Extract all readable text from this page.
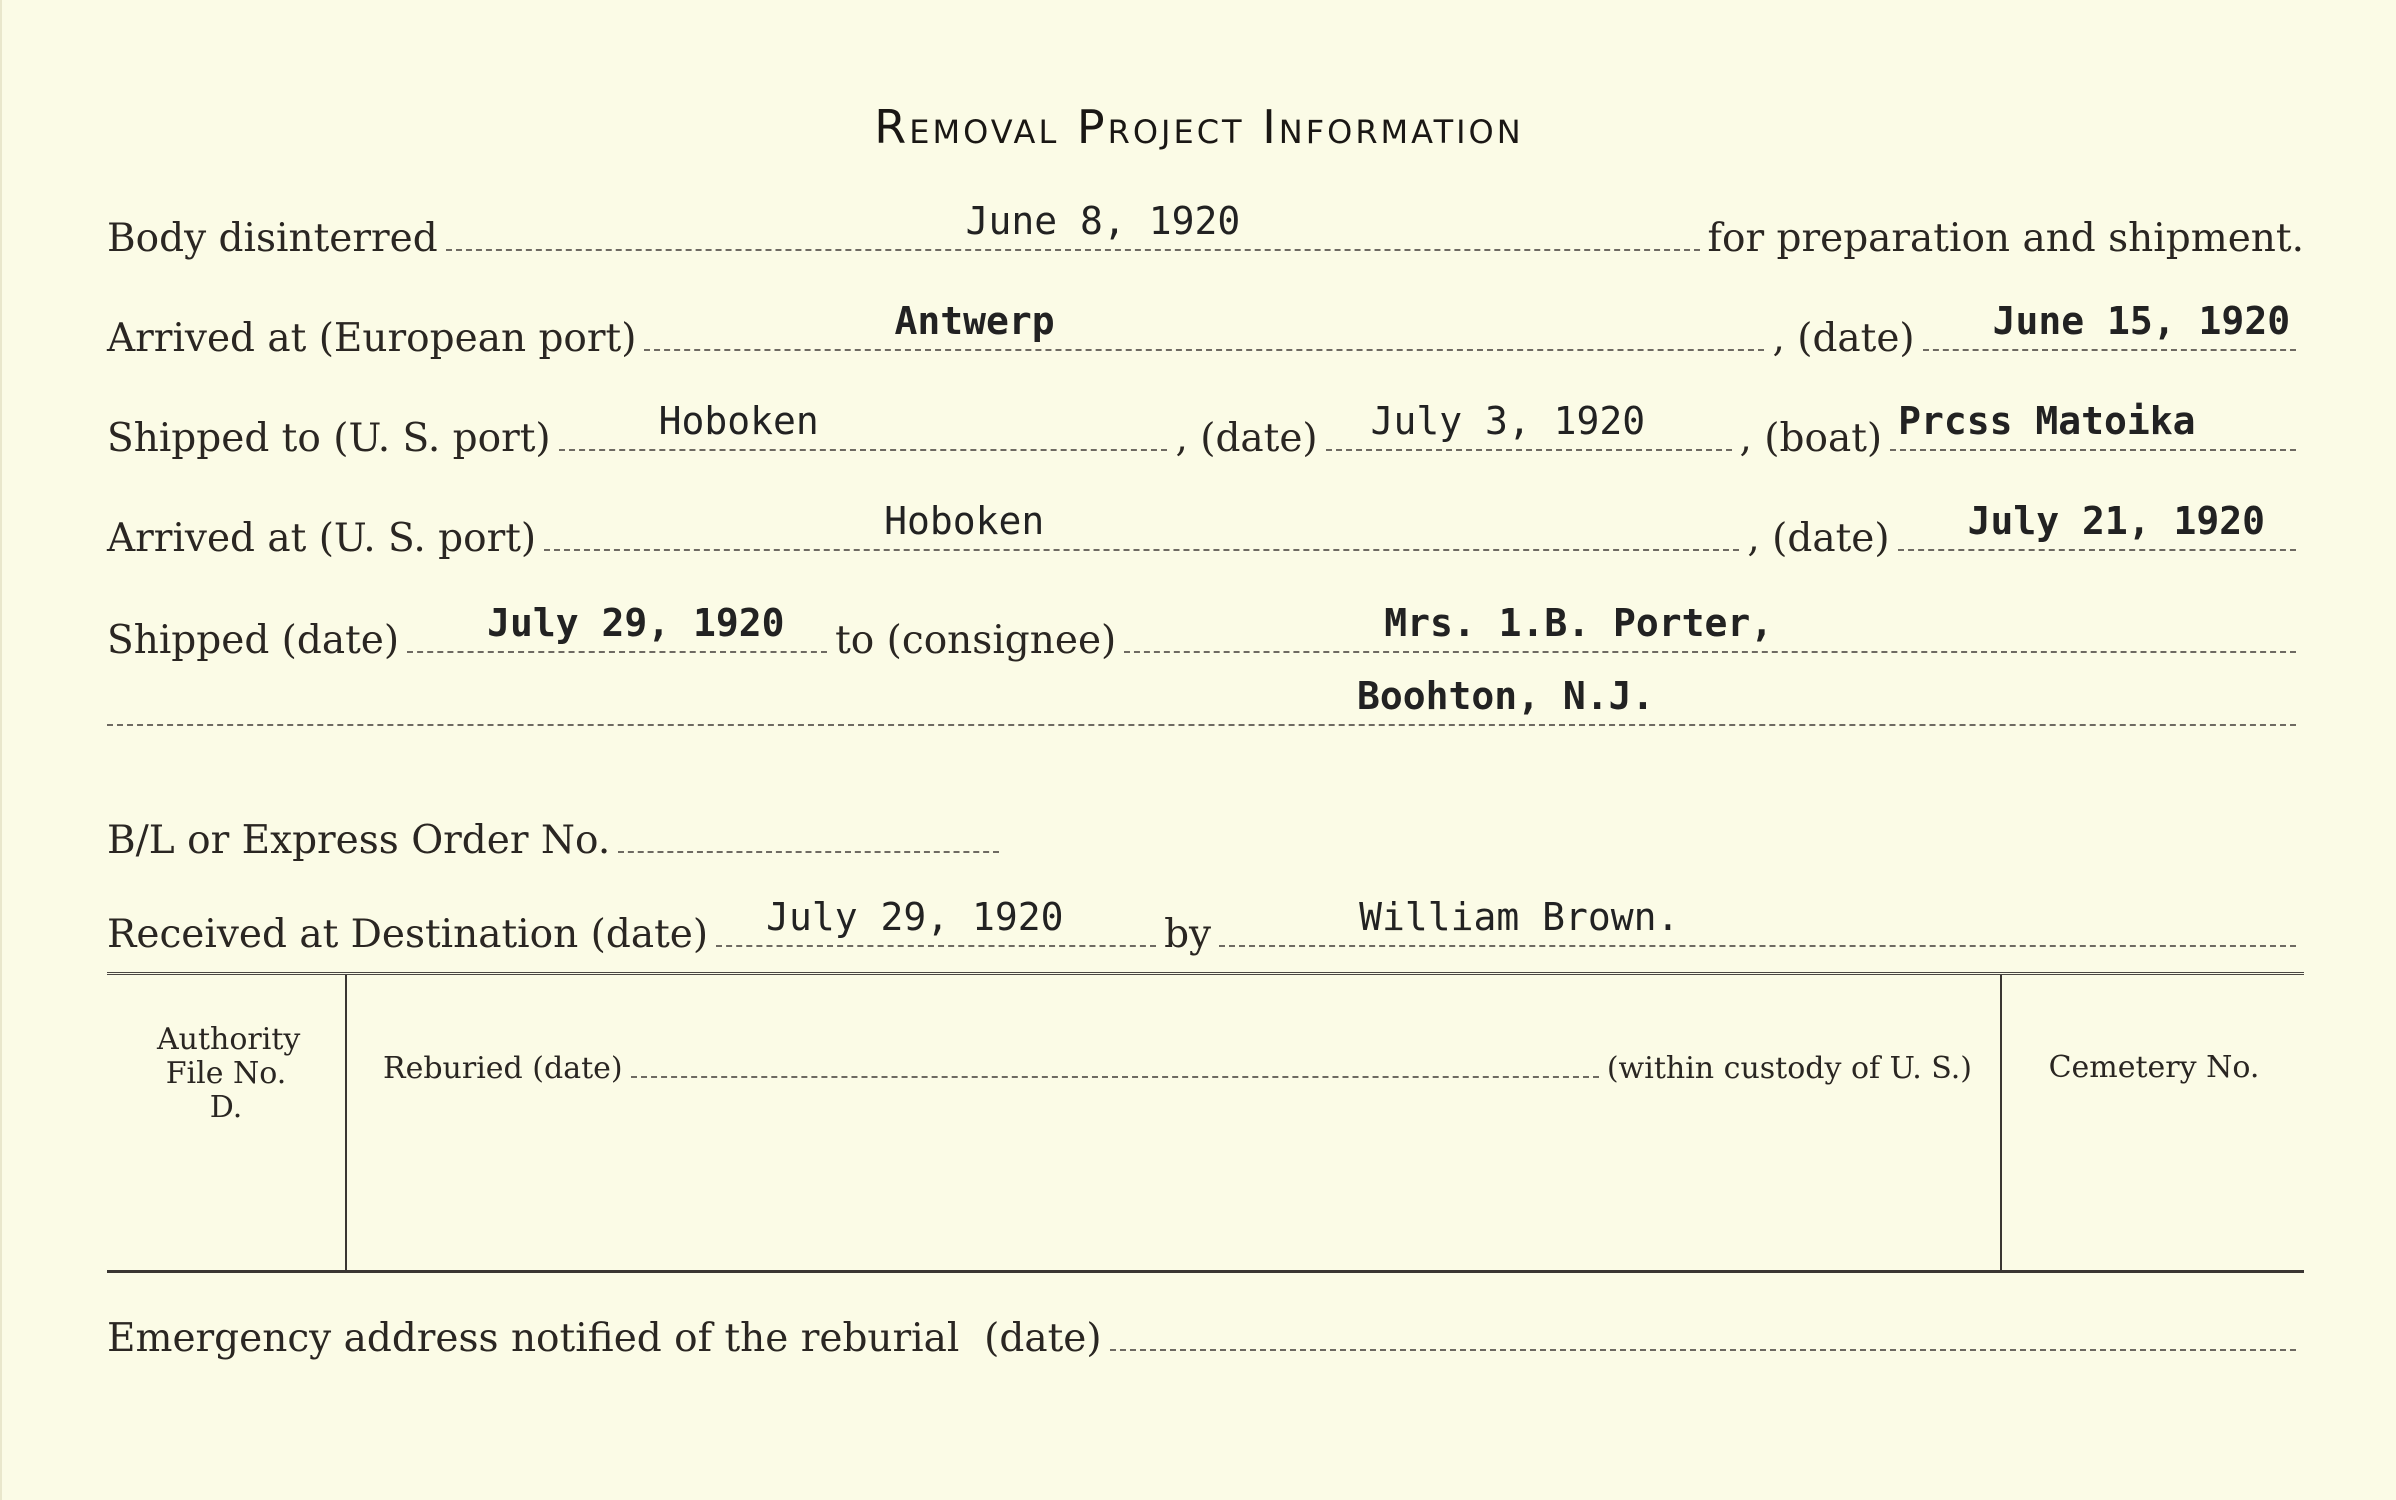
Removal Project Information
Body disinterred	June 8, 1920	for preparation and shipment.
Arrived at (European port)	Antwerp	, (date) June 15, 1920
Shipped to (U. S. port)	Hoboken	, (date) July 3, 1920 , (boat) Prcss Matoika
Arrived at (U. S. port)	Hoboken	, (date) July 21, 1920
Shipped (date) July 29, 1920 to (consignee)	Mrs. 1.B. Porter,
Boohton, N.J.
B/L or Express Order No.
Received at Destination (date) July 29, 1920	by	William Brown.
Authority File No. D.
Reburied (date)	(within custody of U. S.)	Cemetery No.
Emergency address notified of the reburial  (date)
